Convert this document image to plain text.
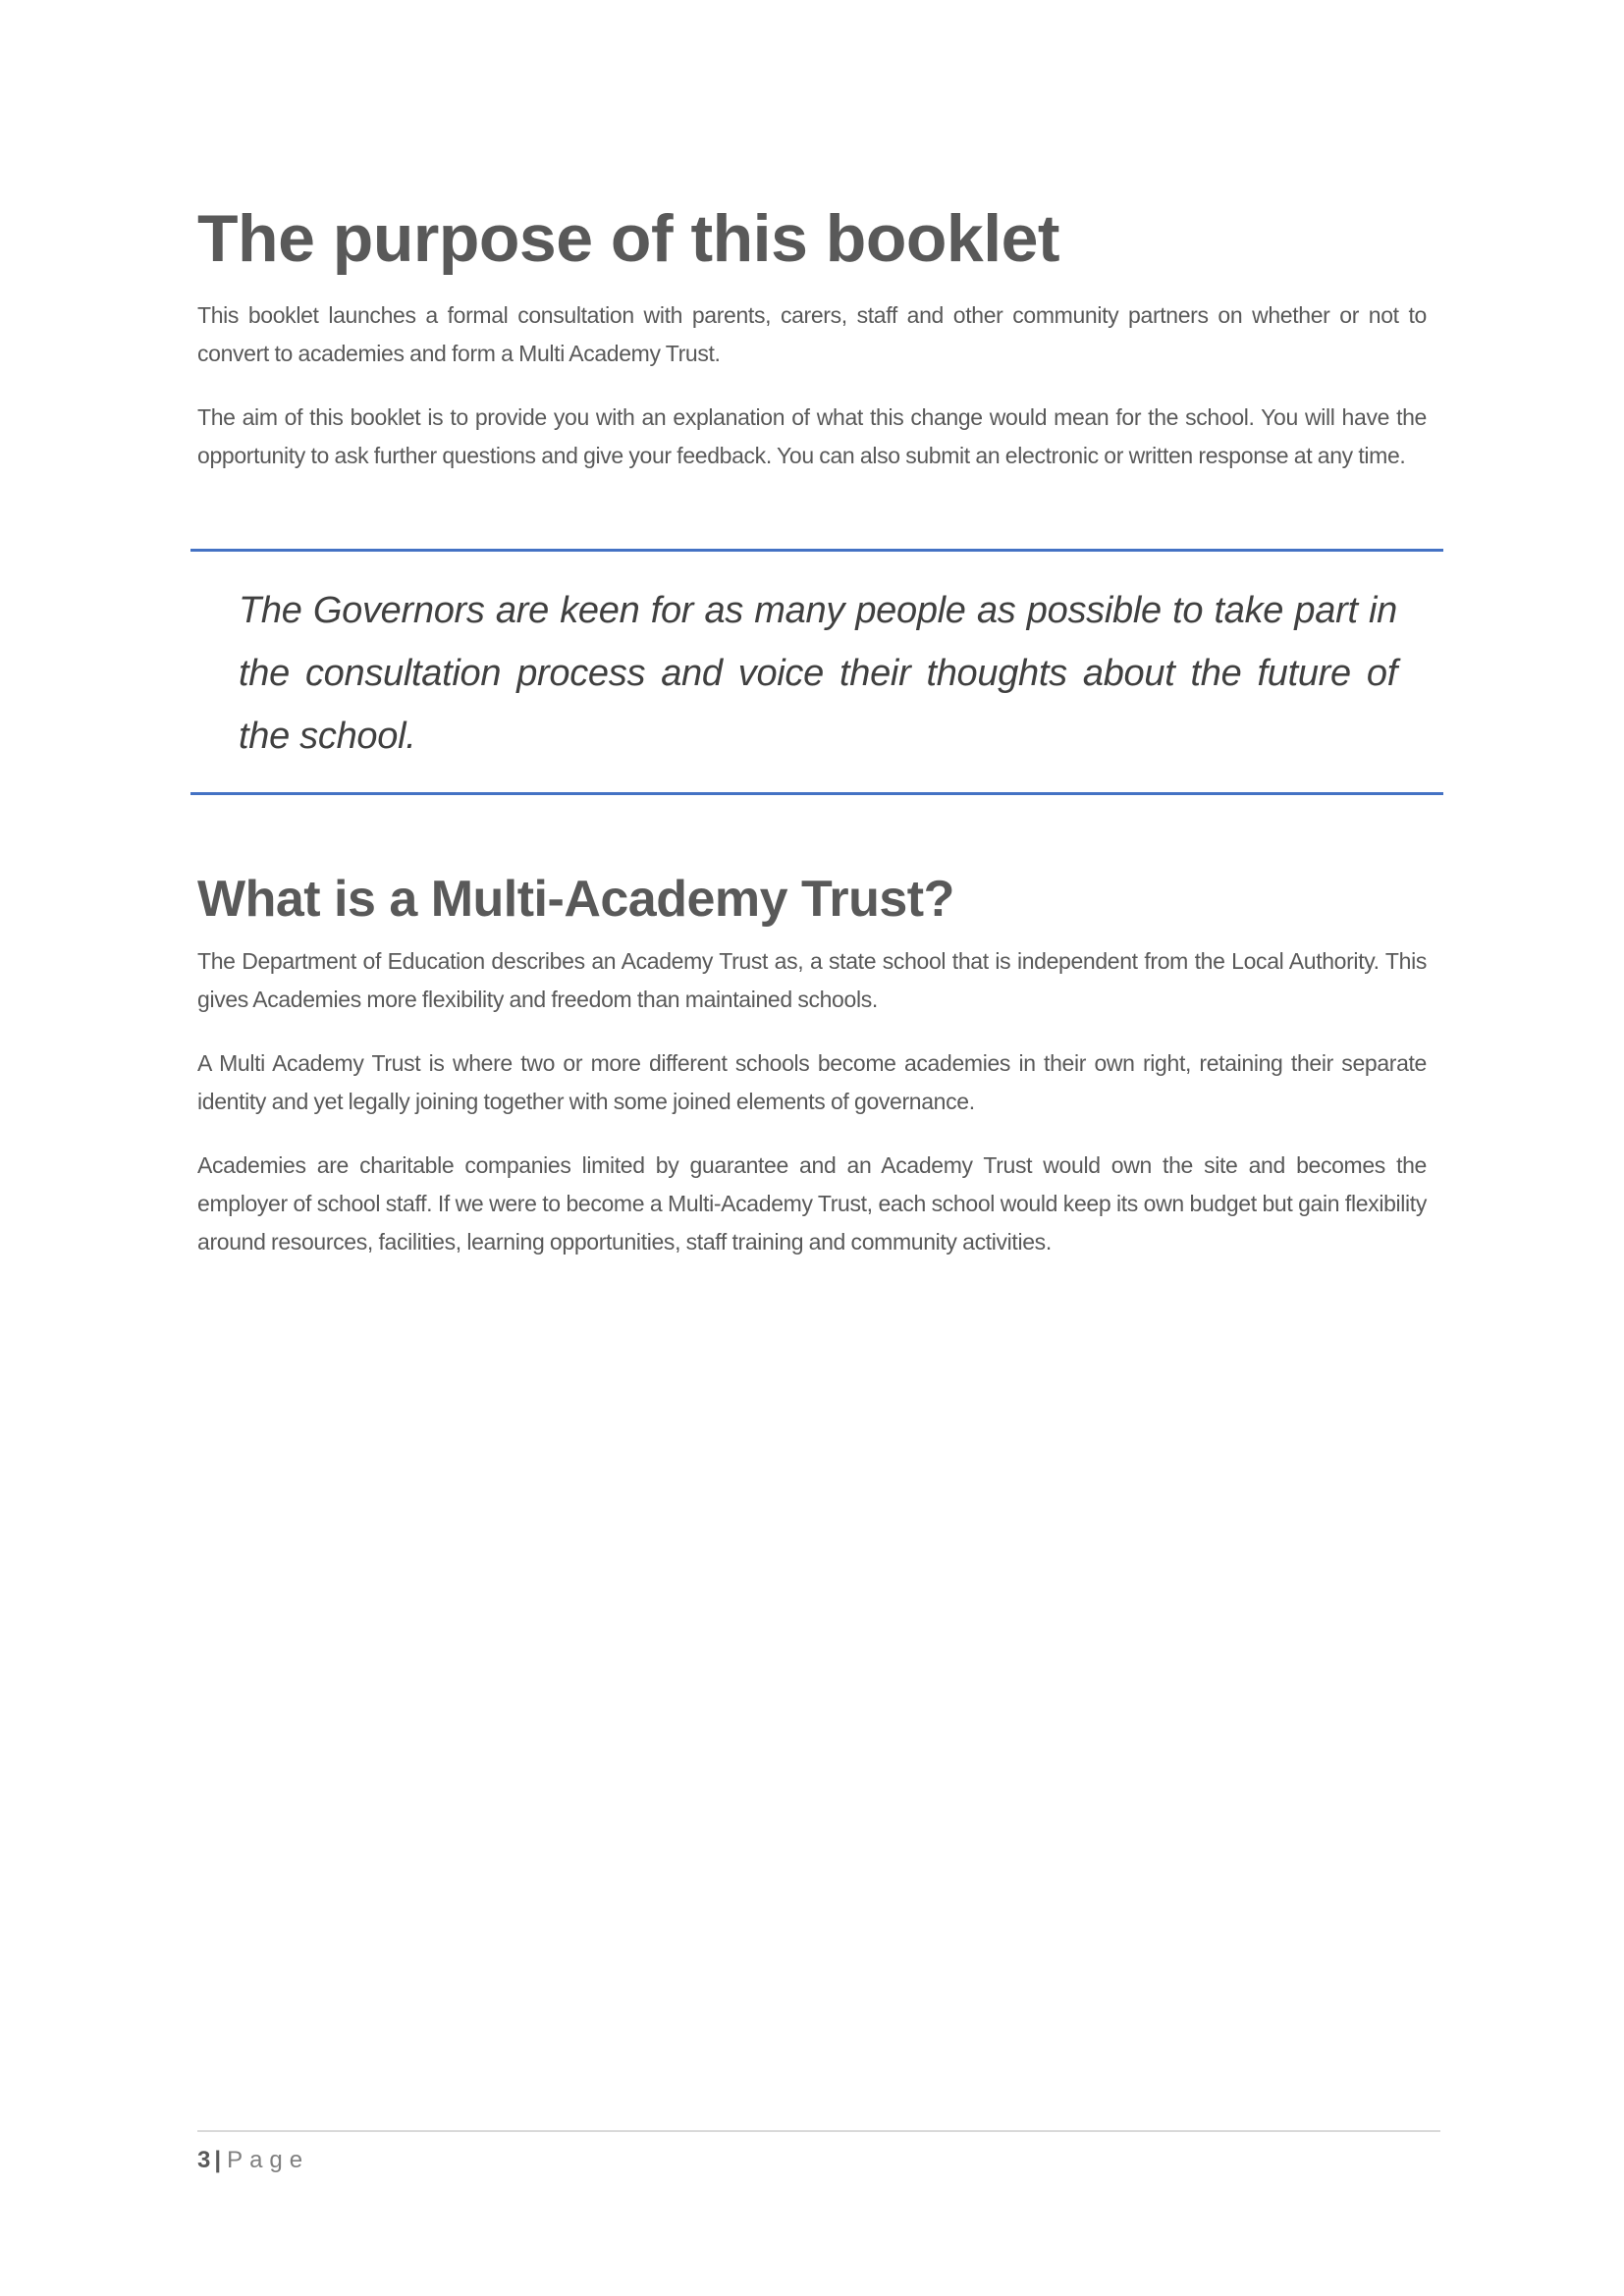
The purpose of this booklet

This booklet launches a formal consultation with parents, carers, staff and other community partners on whether or not to convert to academies and form a Multi Academy Trust.

The aim of this booklet is to provide you with an explanation of what this change would mean for the school. You will have the opportunity to ask further questions and give your feedback. You can also submit an electronic or written response at any time.

The Governors are keen for as many people as possible to take part in the consultation process and voice their thoughts about the future of the school.

What is a Multi-Academy Trust?

The Department of Education describes an Academy Trust as, a state school that is independent from the Local Authority. This gives Academies more flexibility and freedom than maintained schools.

A Multi Academy Trust is where two or more different schools become academies in their own right, retaining their separate identity and yet legally joining together with some joined elements of governance.

Academies are charitable companies limited by guarantee and an Academy Trust would own the site and becomes the employer of school staff. If we were to become a Multi-Academy Trust, each school would keep its own budget but gain flexibility around resources, facilities, learning opportunities, staff training and community activities.

3 | Page
